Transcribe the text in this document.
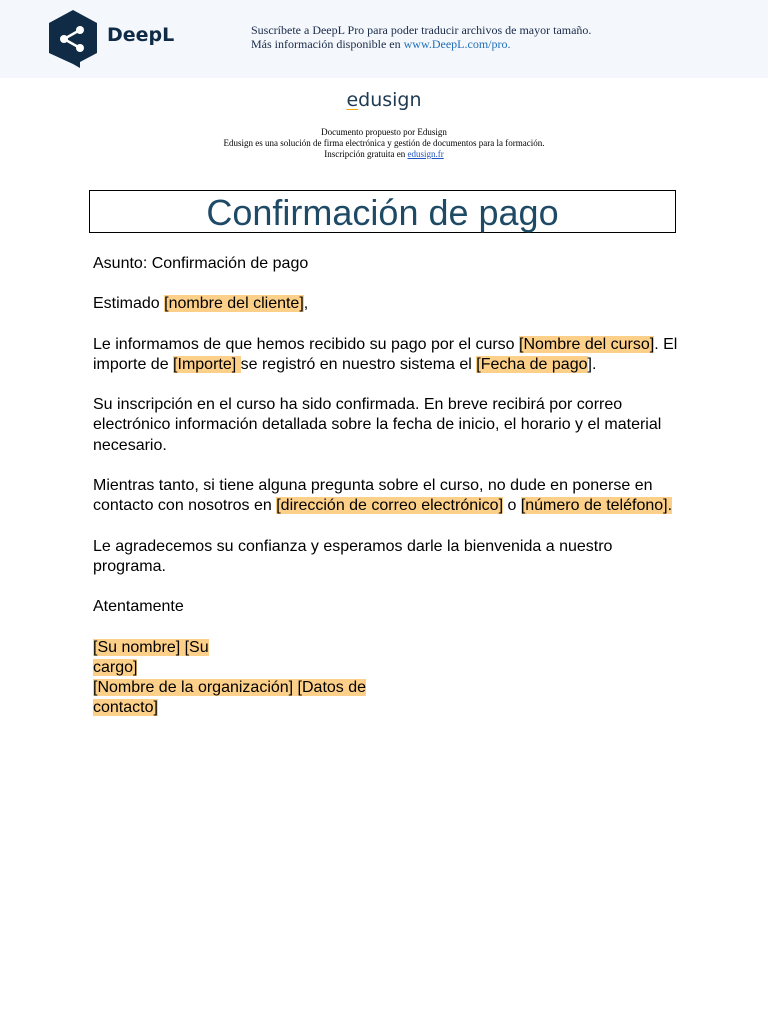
DeepL	Suscríbete a DeepL Pro para poder traducir archivos de mayor tamaño.
Más información disponible en www.DeepL.com/pro.
edusign
Documento propuesto por Edusign
Edusign es una solución de firma electrónica y gestión de documentos para la formación.
Inscripción gratuita en edusign.fr
Confirmación de pago

Asunto: Confirmación de pago

Estimado [nombre del cliente],

Le informamos de que hemos recibido su pago por el curso [Nombre del curso]. El importe de [Importe] se registró en nuestro sistema el [Fecha de pago].

Su inscripción en el curso ha sido confirmada. En breve recibirá por correo electrónico información detallada sobre la fecha de inicio, el horario y el material necesario.

Mientras tanto, si tiene alguna pregunta sobre el curso, no dude en ponerse en contacto con nosotros en [dirección de correo electrónico] o [número de teléfono].

Le agradecemos su confianza y esperamos darle la bienvenida a nuestro programa.

Atentamente

[Su nombre] [Su
cargo]
[Nombre de la organización] [Datos de
contacto]
